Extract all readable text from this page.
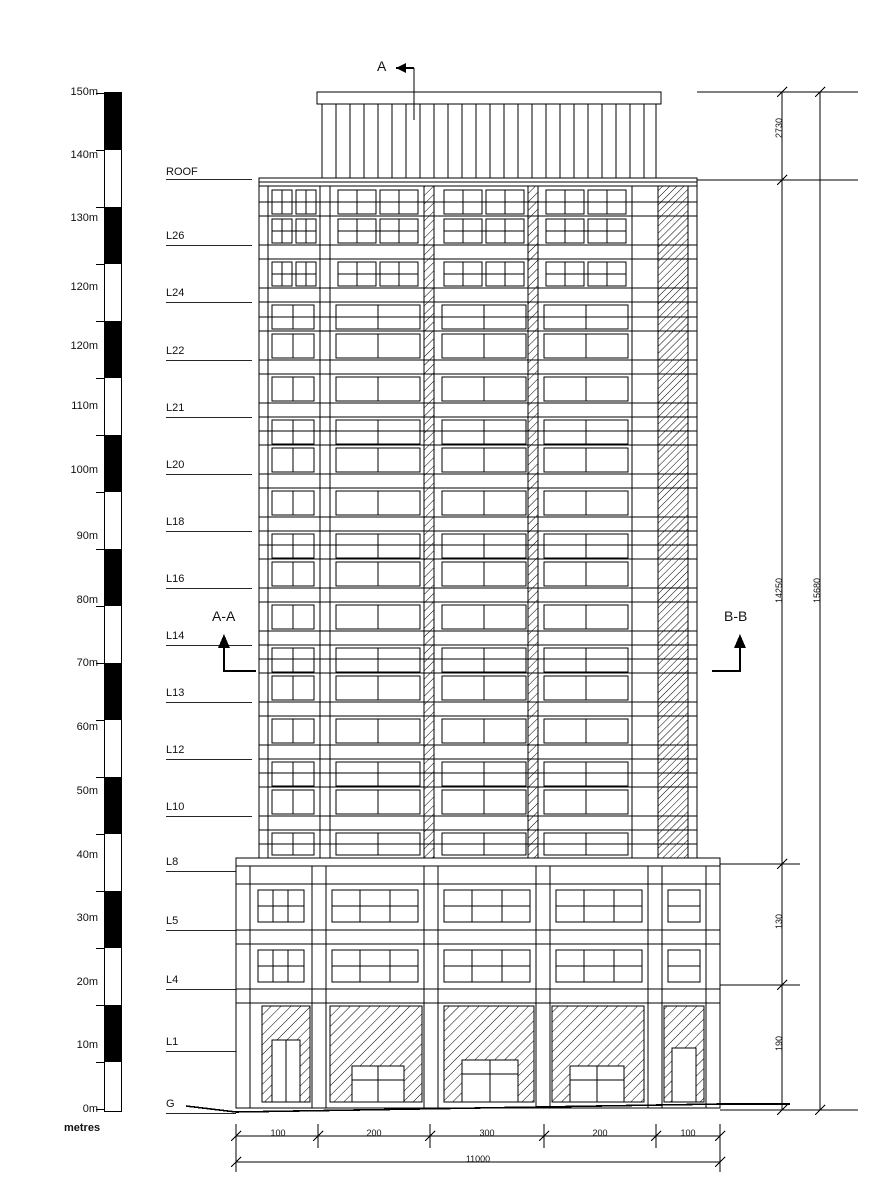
150m
140m
130m
120m
120m
110m
100m
90m
80m
70m
60m
50m
40m
30m
20m
10m
0m
metres
ROOF
L26
L24
L22
L21
L20
L18
L16
L14
L13
L12
L10
L8
L5
L4
L1
G
A
A-A	B-B
2730
14250	15680
130
190
100	200	300	200	100
11000
